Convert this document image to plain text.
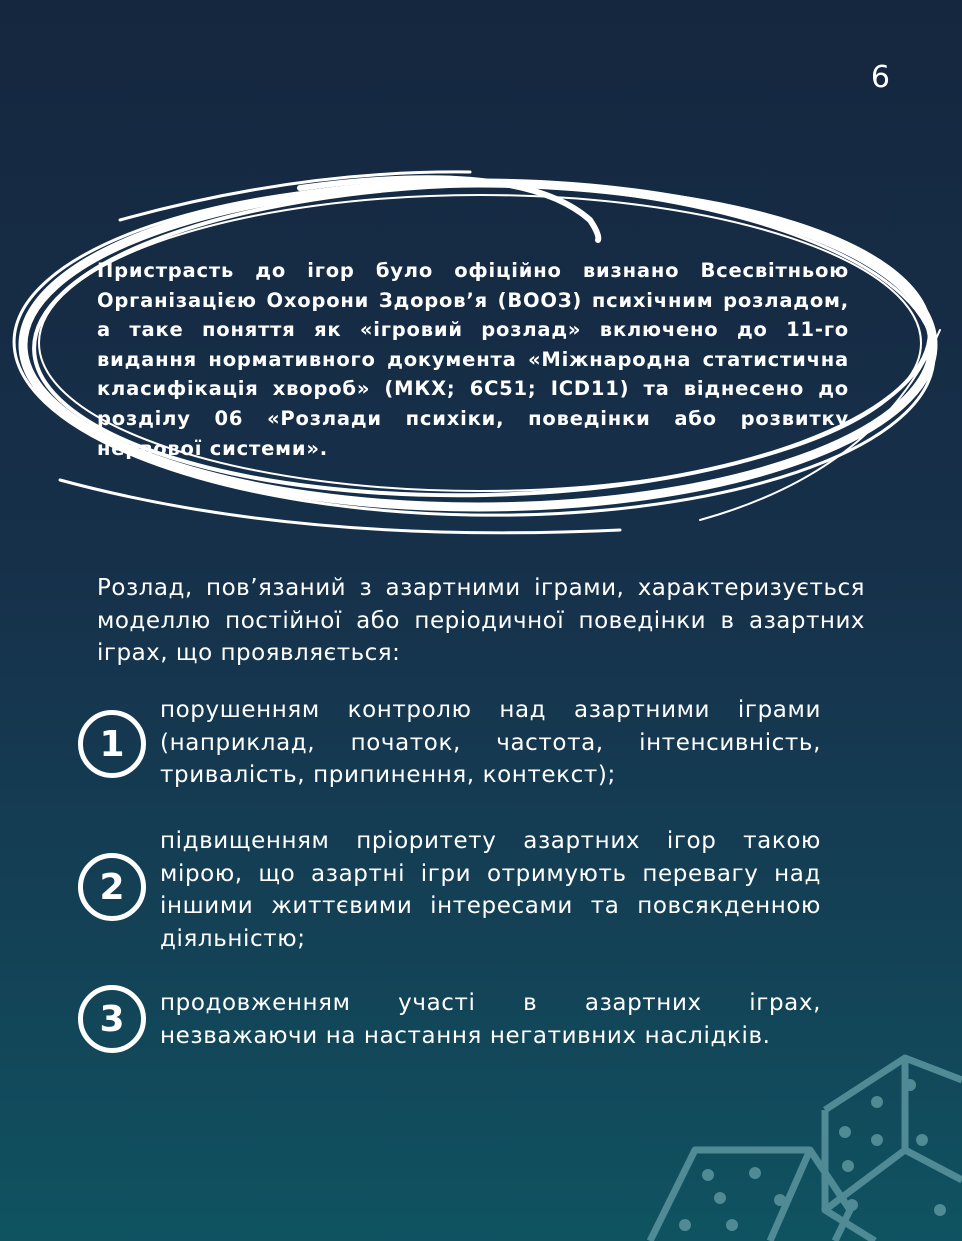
6
Пристрасть до ігор було офіційно визнано Всесвітньою Організацією Охорони Здоров’я (ВООЗ) психічним розладом, а таке поняття як «ігровий розлад» включено до 11-го видання нормативного документа «Міжнародна статистична класифікація хвороб» (МКХ; 6С51; ICD11) та віднесено до розділу 06 «Розлади психіки, поведінки або розвитку нервової системи».
Розлад, пов’язаний з азартними іграми, характеризується моделлю постійної або періодичної поведінки в азартних іграх, що проявляється:
1
порушенням контролю над азартними іграми (наприклад, початок, частота, інтенсивність, тривалість, припинення, контекст);
2
підвищенням пріоритету азартних ігор такою мірою, що азартні ігри отримують перевагу над іншими життєвими інтересами та повсякденною діяльністю;
3	продовженням участі в азартних іграх, незважаючи на настання негативних наслідків.
